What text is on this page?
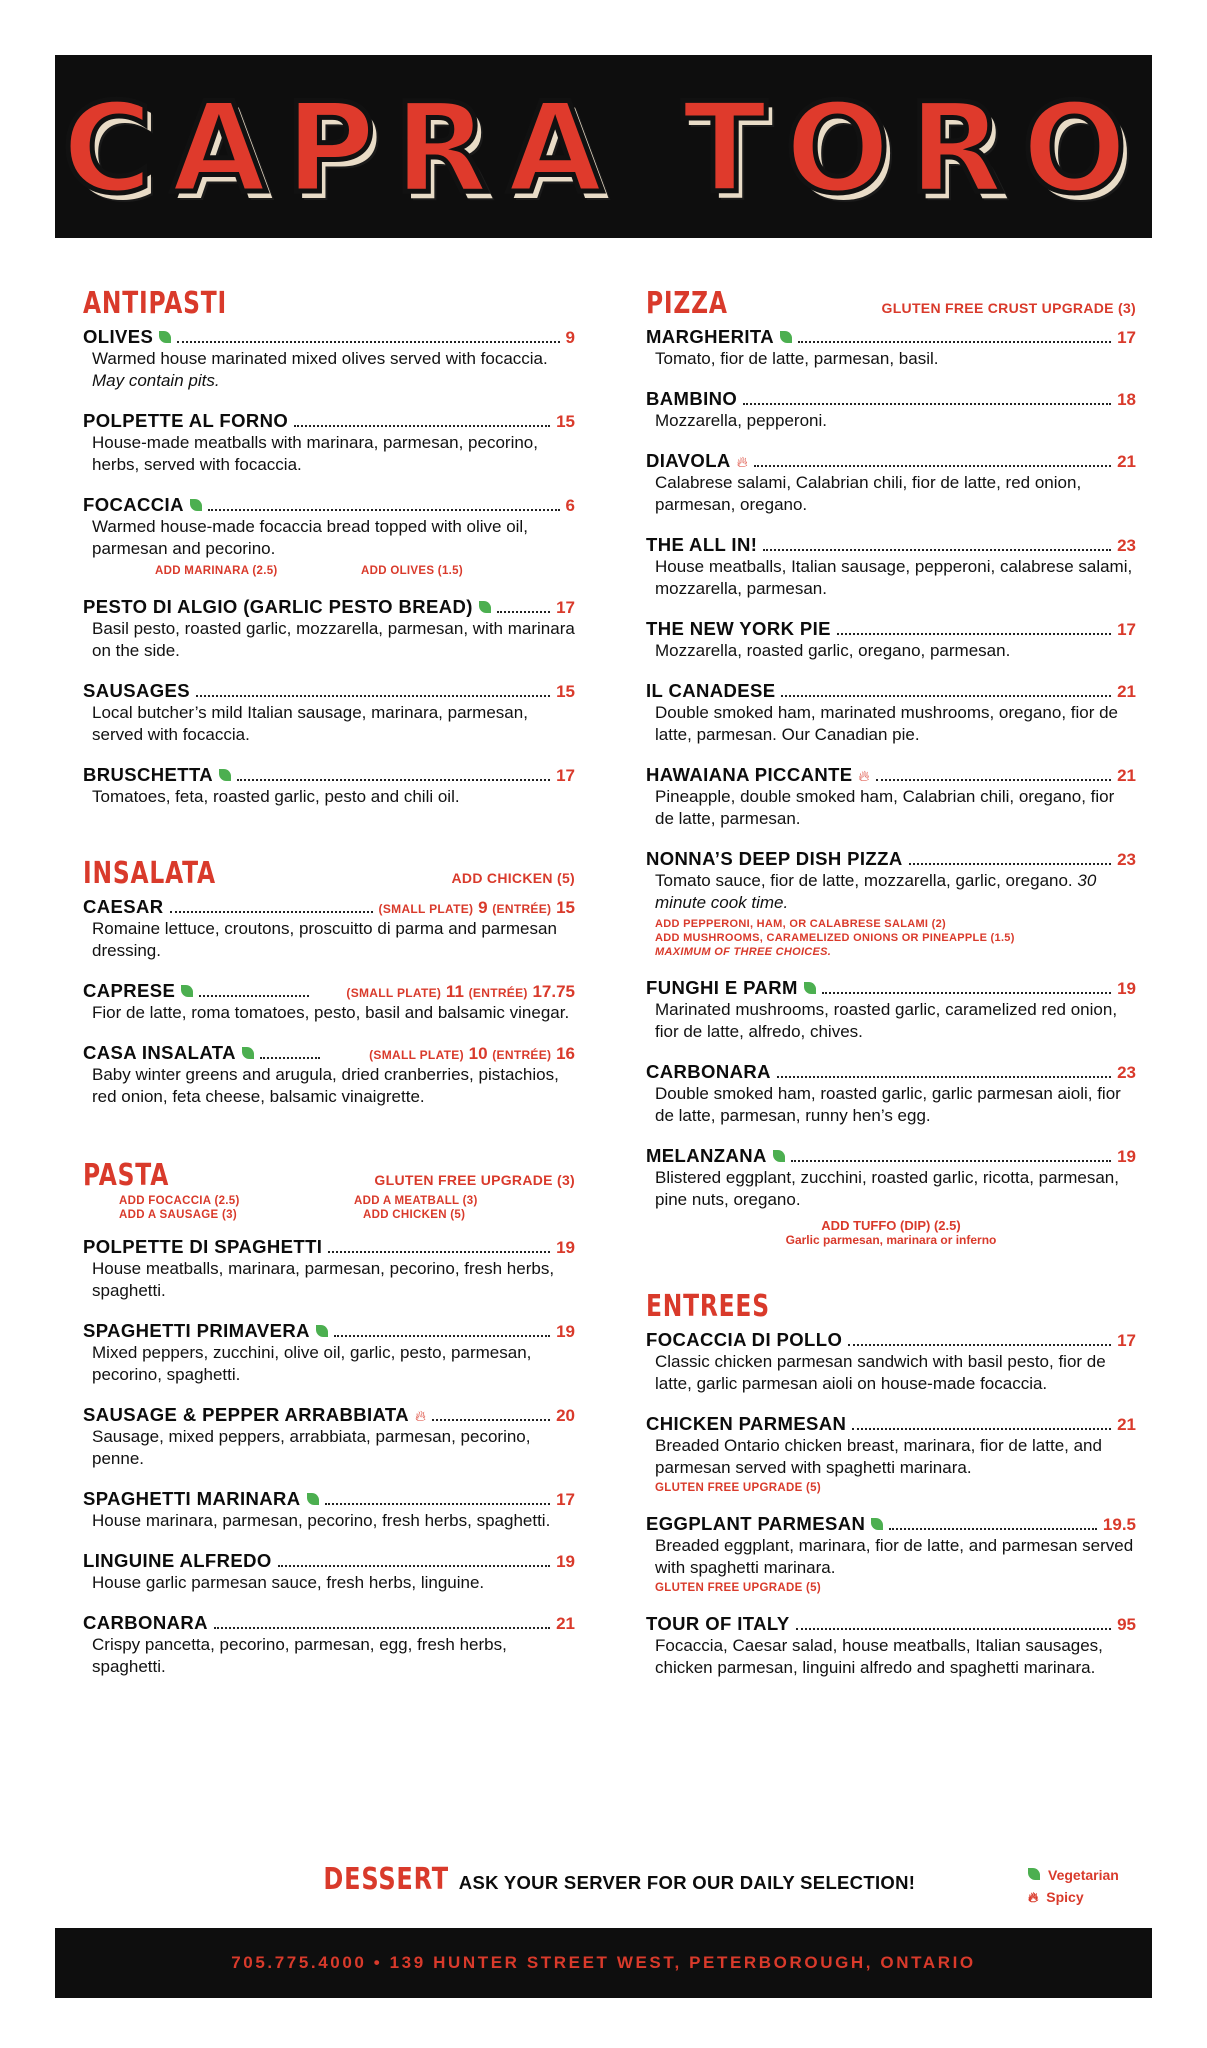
CAPRA TORO
ANTIPASTI
OLIVES	9
Warmed house marinated mixed olives served with focaccia. May contain pits.
POLPETTE AL FORNO	15
House-made meatballs with marinara, parmesan, pecorino, herbs, served with focaccia.
FOCACCIA	6
Warmed house-made focaccia bread topped with olive oil, parmesan and pecorino.
ADD MARINARA (2.5)	ADD OLIVES (1.5)
PESTO DI ALGIO (GARLIC PESTO BREAD)	17
Basil pesto, roasted garlic, mozzarella, parmesan, with marinara on the side.
SAUSAGES	15
Local butcher’s mild Italian sausage, marinara, parmesan, served with focaccia.
BRUSCHETTA	17
Tomatoes, feta, roasted garlic, pesto and chili oil.
INSALATA	ADD CHICKEN (5)
CAESAR	(SMALL PLATE) 9 (ENTRÉE) 15
Romaine lettuce, croutons, proscuitto di parma and parmesan dressing.
CAPRESE	(SMALL PLATE) 11 (ENTRÉE) 17.75
Fior de latte, roma tomatoes, pesto, basil and balsamic vinegar.
CASA INSALATA	(SMALL PLATE) 10 (ENTRÉE) 16
Baby winter greens and arugula, dried cranberries, pistachios, red onion, feta cheese, balsamic vinaigrette.
PASTA	GLUTEN FREE UPGRADE (3)
ADD FOCACCIA (2.5)	ADD A MEATBALL (3)
ADD A SAUSAGE (3)	ADD CHICKEN (5)
POLPETTE DI SPAGHETTI	19
House meatballs, marinara, parmesan, pecorino, fresh herbs, spaghetti.
SPAGHETTI PRIMAVERA	19
Mixed peppers, zucchini, olive oil, garlic, pesto, parmesan, pecorino, spaghetti.
SAUSAGE & PEPPER ARRABBIATA 🔥︎	20
Sausage, mixed peppers, arrabbiata, parmesan, pecorino, penne.
SPAGHETTI MARINARA	17
House marinara, parmesan, pecorino, fresh herbs, spaghetti.
LINGUINE ALFREDO	19
House garlic parmesan sauce, fresh herbs, linguine.
CARBONARA	21
Crispy pancetta, pecorino, parmesan, egg, fresh herbs, spaghetti.
PIZZA	GLUTEN FREE CRUST UPGRADE (3)
MARGHERITA	17
Tomato, fior de latte, parmesan, basil.
BAMBINO	18
Mozzarella, pepperoni.
DIAVOLA 🔥︎	21
Calabrese salami, Calabrian chili, fior de latte, red onion, parmesan, oregano.
THE ALL IN!	23
House meatballs, Italian sausage, pepperoni, calabrese salami, mozzarella, parmesan.
THE NEW YORK PIE	17
Mozzarella, roasted garlic, oregano, parmesan.
IL CANADESE	21
Double smoked ham, marinated mushrooms, oregano, fior de latte, parmesan. Our Canadian pie.
HAWAIANA PICCANTE 🔥︎	21
Pineapple, double smoked ham, Calabrian chili, oregano, fior de latte, parmesan.
NONNA’S DEEP DISH PIZZA	23
Tomato sauce, fior de latte, mozzarella, garlic, oregano. 30 minute cook time.
ADD PEPPERONI, HAM, OR CALABRESE SALAMI (2)
ADD MUSHROOMS, CARAMELIZED ONIONS OR PINEAPPLE (1.5)
MAXIMUM OF THREE CHOICES.
FUNGHI E PARM	19
Marinated mushrooms, roasted garlic, caramelized red onion, fior de latte, alfredo, chives.
CARBONARA	23
Double smoked ham, roasted garlic, garlic parmesan aioli, fior de latte, parmesan, runny hen’s egg.
MELANZANA	19
Blistered eggplant, zucchini, roasted garlic, ricotta, parmesan, pine nuts, oregano.
ADD TUFFO (DIP) (2.5)
Garlic parmesan, marinara or inferno
ENTREES
FOCACCIA DI POLLO	17
Classic chicken parmesan sandwich with basil pesto, fior de latte, garlic parmesan aioli on house-made focaccia.
CHICKEN PARMESAN	21
Breaded Ontario chicken breast, marinara, fior de latte, and parmesan served with spaghetti marinara.
GLUTEN FREE UPGRADE (5)
EGGPLANT PARMESAN	19.5
Breaded eggplant, marinara, fior de latte, and parmesan served with spaghetti marinara.
GLUTEN FREE UPGRADE (5)
TOUR OF ITALY	95
Focaccia, Caesar salad, house meatballs, Italian sausages, chicken parmesan, linguini alfredo and spaghetti marinara.
DESSERT ASK YOUR SERVER FOR OUR DAILY SELECTION!	Vegetarian
🔥︎ Spicy
705.775.4000 • 139 HUNTER STREET WEST, PETERBOROUGH, ONTARIO
